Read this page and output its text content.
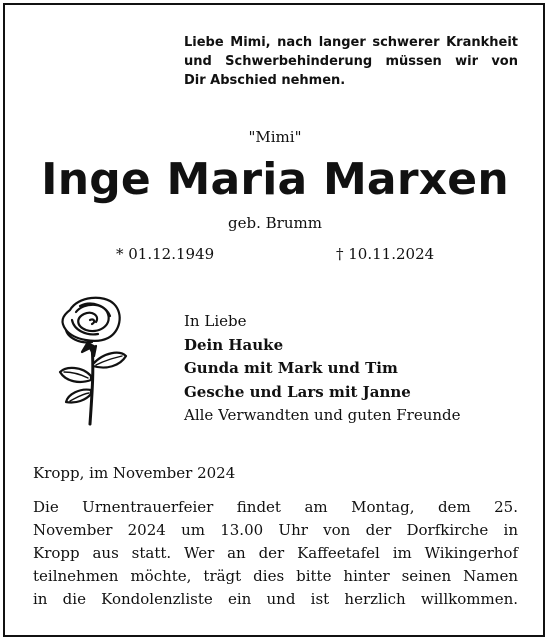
Liebe Mimi, nach langer schwerer Krankheit
und Schwerbehinderung müssen wir von
Dir Abschied nehmen.

"Mimi"

Inge Maria Marxen

geb. Brumm

* 01.12.1949	† 10.11.2024

In Liebe
Dein Hauke
Gunda mit Mark und Tim
Gesche und Lars mit Janne
Alle Verwandten und guten Freunde

Kropp, im November 2024

Die Urnentrauerfeier findet am Montag, dem 25.
November 2024 um 13.00 Uhr von der Dorfkirche in
Kropp aus statt. Wer an der Kaffeetafel im Wikingerhof
teilnehmen möchte, trägt dies bitte hinter seinen Namen
in die Kondolenzliste ein und ist herzlich willkommen.
